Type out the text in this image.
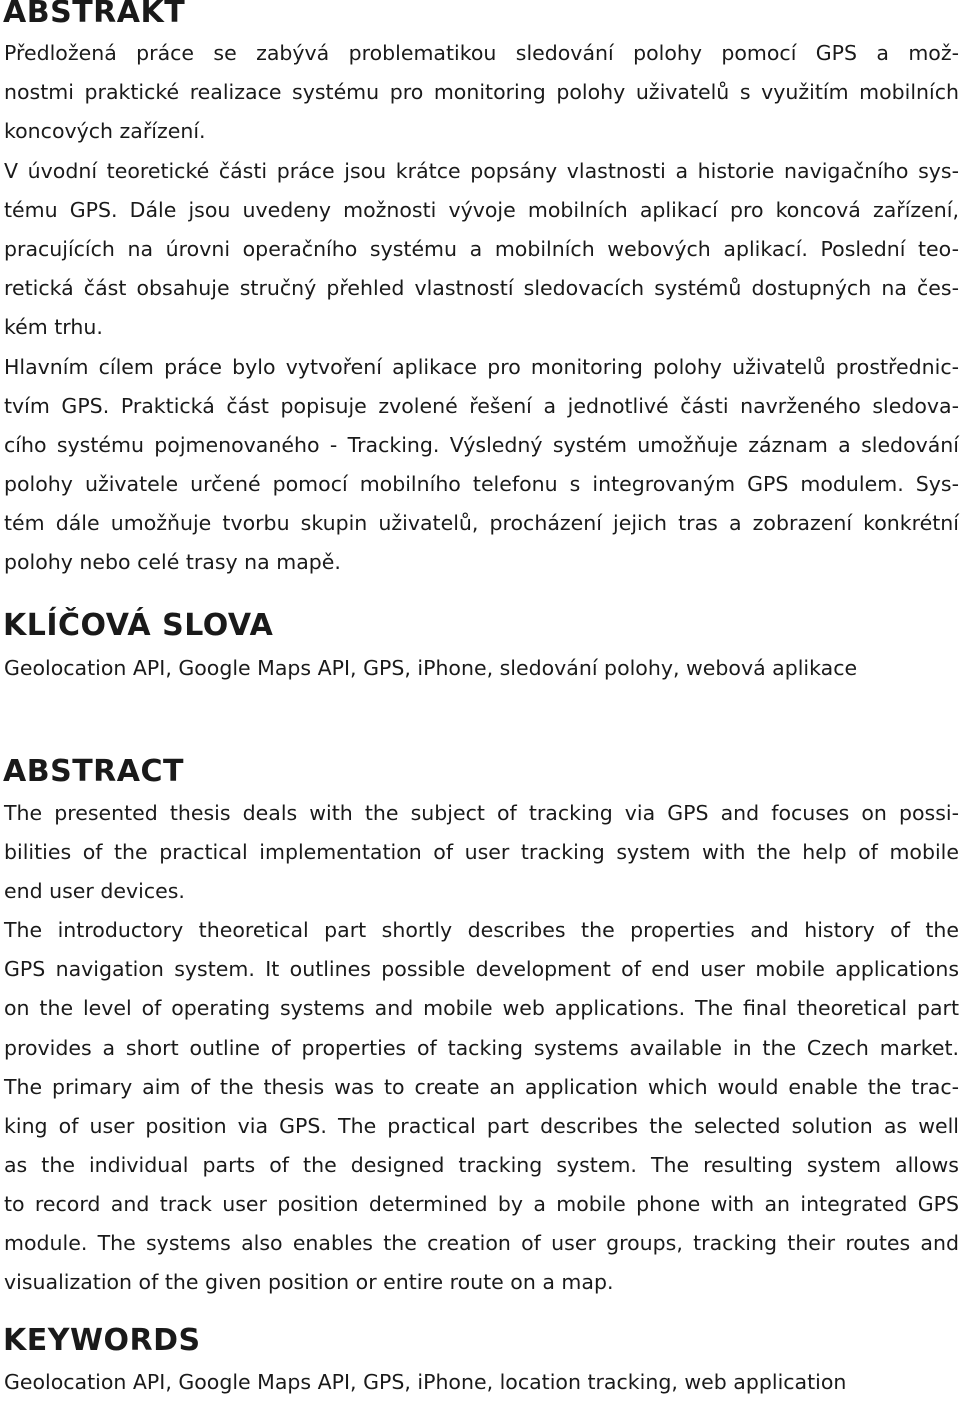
ABSTRAKT

Předložená práce se zabývá problematikou sledování polohy pomocí GPS a mož-

nostmi praktické realizace systému pro monitoring polohy uživatelů s využitím mobilních

koncových zařízení.

V úvodní teoretické části práce jsou krátce popsány vlastnosti a historie navigačního sys-

tému GPS. Dále jsou uvedeny možnosti vývoje mobilních aplikací pro koncová zařízení,

pracujících na úrovni operačního systému a mobilních webových aplikací. Poslední teo-

retická část obsahuje stručný přehled vlastností sledovacích systémů dostupných na čes-

kém trhu.

Hlavním cílem práce bylo vytvoření aplikace pro monitoring polohy uživatelů prostřednic-

tvím GPS. Praktická část popisuje zvolené řešení a jednotlivé části navrženého sledova-

cího systému pojmenovaného - Tracking. Výsledný systém umožňuje záznam a sledování

polohy uživatele určené pomocí mobilního telefonu s integrovaným GPS modulem. Sys-

tém dále umožňuje tvorbu skupin uživatelů, procházení jejich tras a zobrazení konkrétní

polohy nebo celé trasy na mapě.

KLÍČOVÁ SLOVA

Geolocation API, Google Maps API, GPS, iPhone, sledování polohy, webová aplikace

ABSTRACT

The presented thesis deals with the subject of tracking via GPS and focuses on possi-

bilities of the practical implementation of user tracking system with the help of mobile

end user devices.

The introductory theoretical part shortly describes the properties and history of the

GPS navigation system. It outlines possible development of end user mobile applications

on the level of operating systems and mobile web applications. The final theoretical part

provides a short outline of properties of tacking systems available in the Czech market.

The primary aim of the thesis was to create an application which would enable the trac-

king of user position via GPS. The practical part describes the selected solution as well

as the individual parts of the designed tracking system. The resulting system allows

to record and track user position determined by a mobile phone with an integrated GPS

module. The systems also enables the creation of user groups, tracking their routes and

visualization of the given position or entire route on a map.

KEYWORDS

Geolocation API, Google Maps API, GPS, iPhone, location tracking, web application
